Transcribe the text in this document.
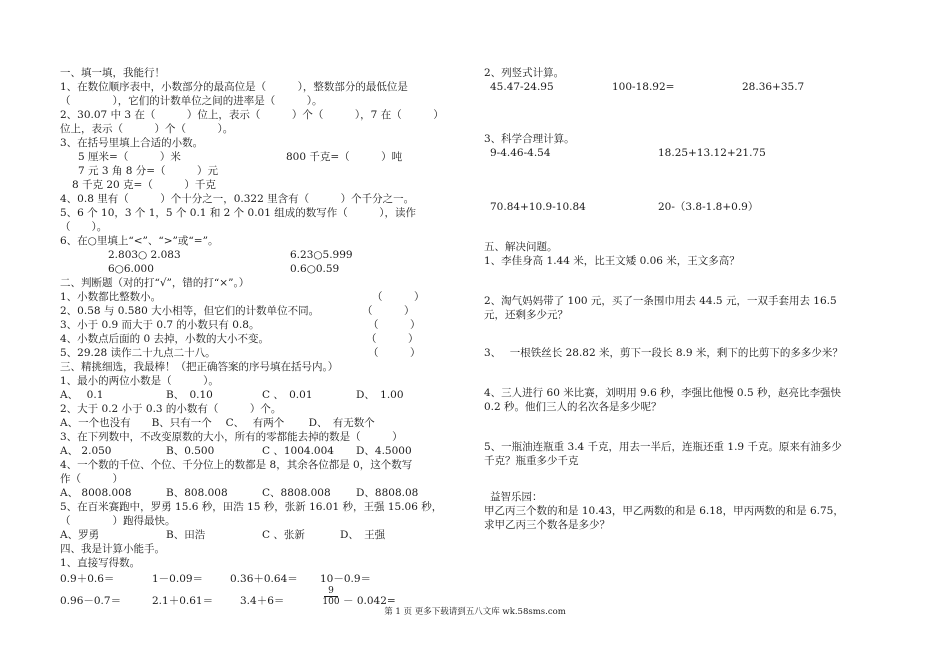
一、填一填，我能行！
1、在数位顺序表中，小数部分的最高位是（　　　），整数部分的最低位是
（　　　　），它们的计数单位之间的进率是（　　　）。
2、30.07 中 3 在（　　　）位上，表示（　　　）个（　　　），7 在（　　　）
位上，表示（　　　）个（　　　）。
3、在括号里填上合适的小数。
5 厘米=（　　　）米	800 千克=（　　　）吨
7 元 3 角 8 分=（　　　）元
8 千克 20 克=（　　　）千克
4、0.8 里有（　　　）个十分之一，0.322 里含有（　　　）个千分之一。
5、6 个 10，3 个 1，5 个 0.1 和 2 个 0.01 组成的数写作（　　　），读作
（　　）。
6、在○里填上“<”、“>”或“=”。
2.803○ 2.083	6.23○5.999
6○6.000	0.6○0.59
二、判断题（对的打“√”，错的打“×”。）
1、小数都比整数小。	（　　　）
2、0.58 与 0.580 大小相等，但它们的计数单位不同。	（　　　）
3、小于 0.9 而大于 0.7 的小数只有 0.8。	（　　　）
4、小数点后面的 0 去掉，小数的大小不变。	（　　　）
5、29.28 读作二十九点二十八。	（　　　）
三、精挑细选，我最棒！（把正确答案的序号填在括号内。）
1、最小的两位小数是（　　　）。
A、　 0.1	B、　0.10	C 、　0.01	D、　1.00
2、大于 0.2 小于 0.3 的小数有（　　　）个。
A、一个也没有　　B、只有一个　 C、　 有两个　　 D、　有无数个
3、在下列数中，不改变原数的大小，所有的零都能去掉的数是（　　　）
A、 2.050	B、0.500	C 、1004.004 D、4.5000
4、一个数的千位、个位、千分位上的数都是 8，其余各位都是 0，这个数写
作（　　　）
A、 8008.008	B、808.008	C、8808.008 D、8808.08
5、在百米赛跑中，罗勇 15.6 秒，田浩 15 秒，张新 16.01 秒，王强 15.06 秒，
（　　　　）跑得最快。
A、罗勇	B、田浩	C 、张新	D、　王强
四、我是计算小能手。
1、直接写得数。
0.9＋0.6＝	1－0.09＝	0.36＋0.64＝ 10－0.9＝
0.96－0.7＝	2.1＋0.61＝	3.4＋6＝
9
100 － 0.042=
2、列竖式计算。
45.47-24.95	100-18.92=	28.36+35.7
3、科学合理计算。
9-4.46-4.54	18.25+13.12+21.75
70.84+10.9-10.84	20-（3.8-1.8+0.9）
五、解决问题。
1、李佳身高 1.44 米，比王文矮 0.06 米，王文多高？
2、淘气妈妈带了 100 元，买了一条围巾用去 44.5 元，一双手套用去 16.5
元，还剩多少元？
3、　 一根铁丝长 28.82 米，剪下一段长 8.9 米，剩下的比剪下的多多少米？
4、三人进行 60 米比赛，刘明用 9.6 秒，李强比他慢 0.5 秒，赵亮比李强快
0.2 秒。他们三人的名次各是多少呢？
5、一瓶油连瓶重 3.4 千克，用去一半后，连瓶还重 1.9 千克。原来有油多少
千克？瓶重多少千克
益智乐园：
甲乙丙三个数的和是 10.43，甲乙两数的和是 6.18，甲丙两数的和是 6.75，
求甲乙丙三个数各是多少？
第 1 页 更多下载请到五八文库 wk.58sms.com
